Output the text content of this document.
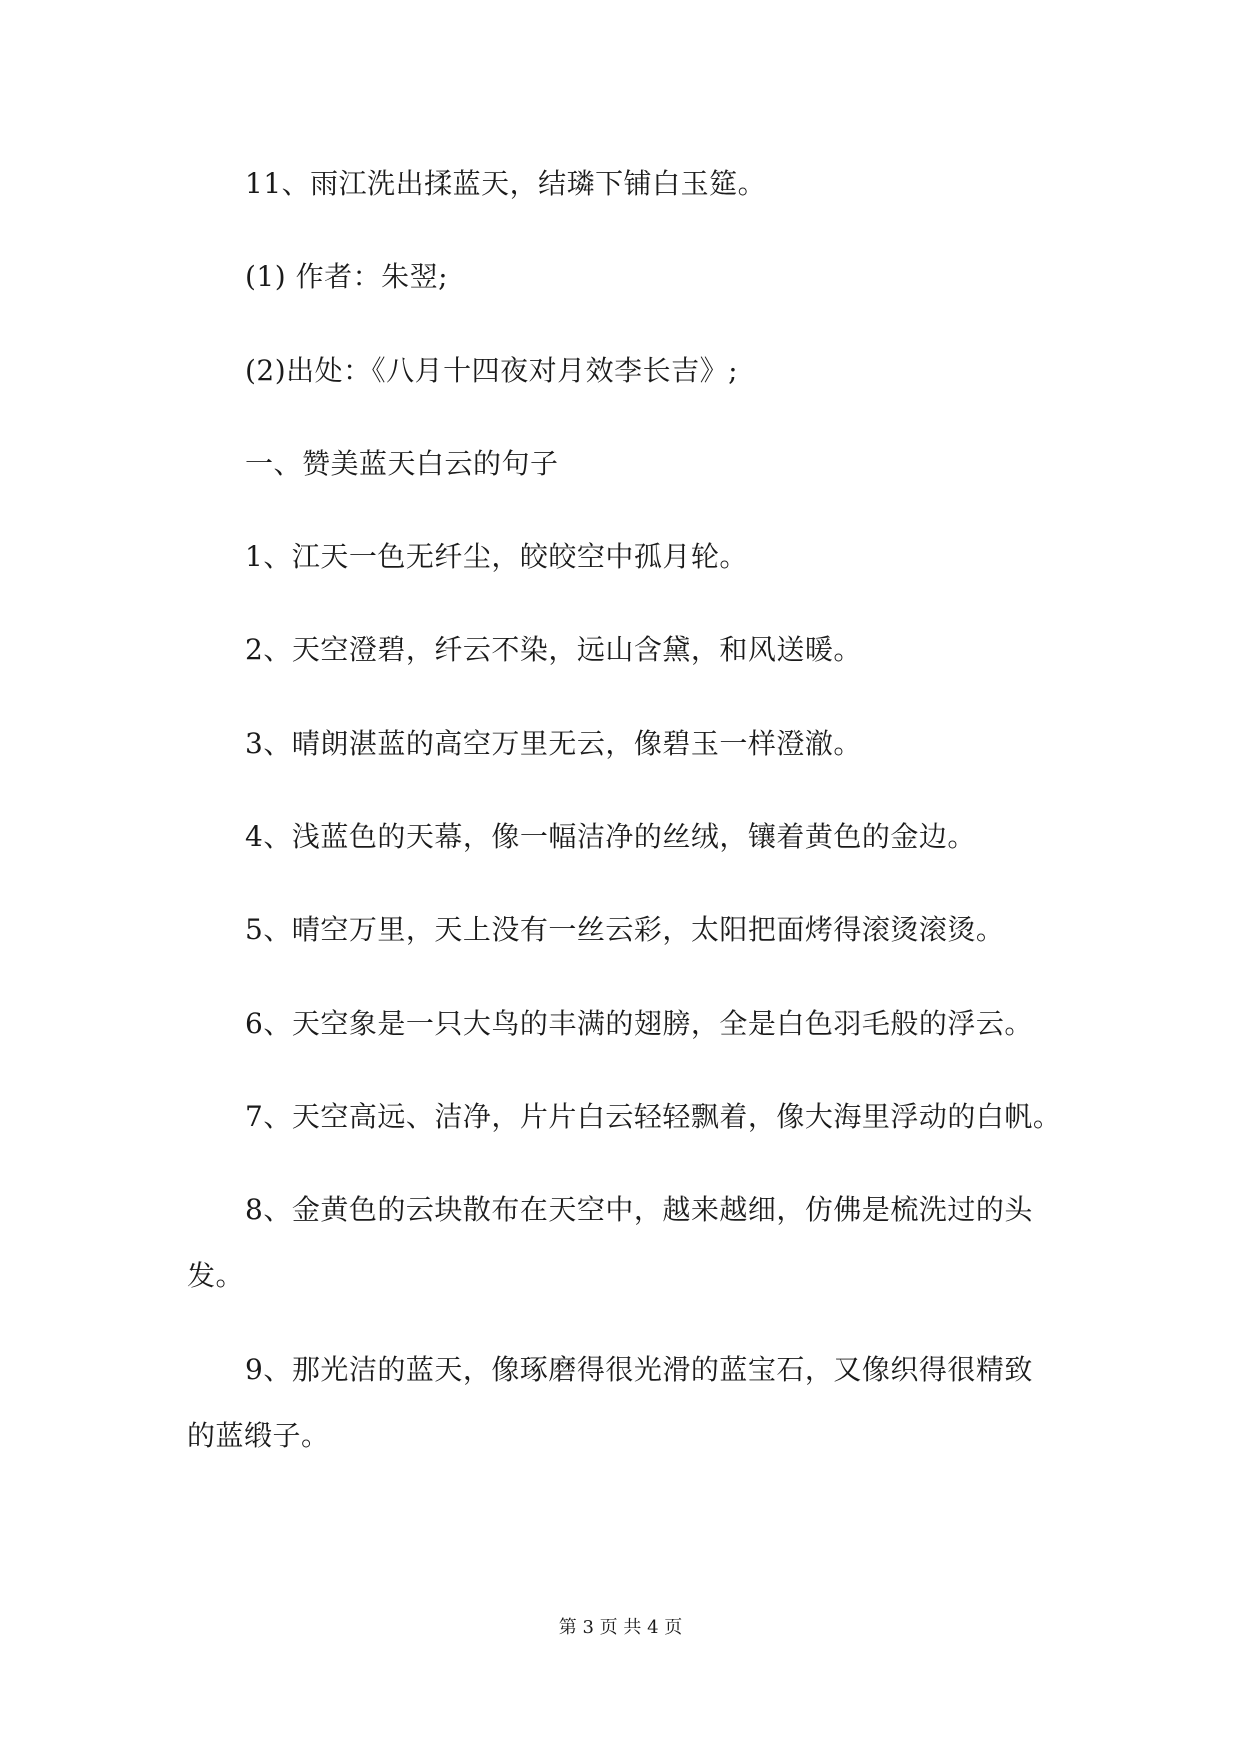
11、雨江洗出揉蓝天，结璘下铺白玉筵。
(1) 作者：朱翌;
(2)出处：《八月十四夜对月效李长吉》;
一、赞美蓝天白云的句子
1、江天一色无纤尘，皎皎空中孤月轮。
2、天空澄碧，纤云不染，远山含黛，和风送暖。
3、晴朗湛蓝的高空万里无云，像碧玉一样澄澈。
4、浅蓝色的天幕，像一幅洁净的丝绒，镶着黄色的金边。
5、晴空万里，天上没有一丝云彩，太阳把面烤得滚烫滚烫。
6、天空象是一只大鸟的丰满的翅膀，全是白色羽毛般的浮云。
7、天空高远、洁净，片片白云轻轻飘着，像大海里浮动的白帆。
8、金黄色的云块散布在天空中，越来越细，仿佛是梳洗过的头
发。
9、那光洁的蓝天，像琢磨得很光滑的蓝宝石，又像织得很精致
的蓝缎子。
第 3 页 共 4 页
